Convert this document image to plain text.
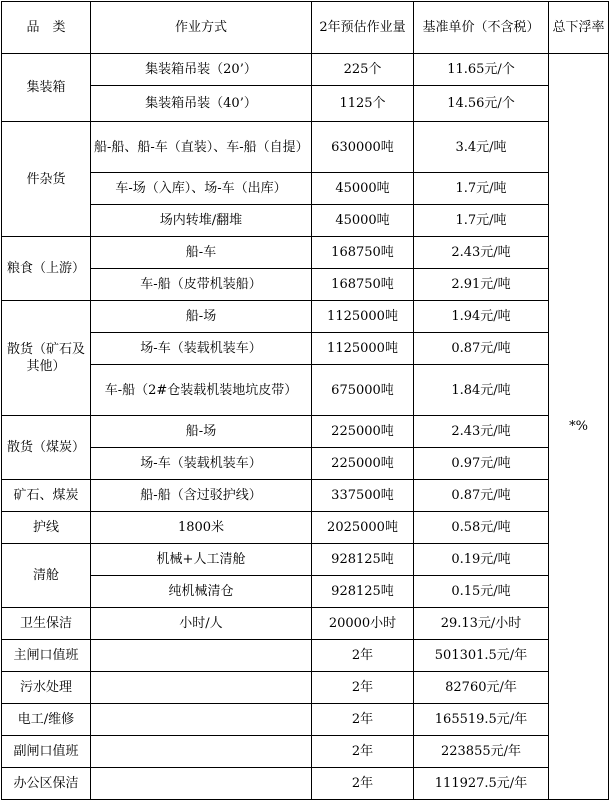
品　类	作业方式	2年预估作业量	基准单价（不含税）	总下浮率
集装箱	集装箱吊装（20’）	225个	11.65元/个	*%
	集装箱吊装（40’）	1125个	14.56元/个	
件杂货	船-船、船-车（直装）、车-船（自提）	630000吨	3.4元/吨	
	车-场（入库）、场-车（出库）	45000吨	1.7元/吨	
	场内转堆/翻堆	45000吨	1.7元/吨	
粮食（上游）	船-车	168750吨	2.43元/吨	
	车-船（皮带机装船）	168750吨	2.91元/吨	
散货（矿石及其他）	船-场	1125000吨	1.94元/吨	
	场-车（装载机装车）	1125000吨	0.87元/吨	
	车-船（2#仓装载机装地坑皮带）	675000吨	1.84元/吨	
散货（煤炭）	船-场	225000吨	2.43元/吨	
	场-车（装载机装车）	225000吨	0.97元/吨	
矿石、煤炭	船-船（含过驳护线）	337500吨	0.87元/吨	
护线	1800米	2025000吨	0.58元/吨	
清舱	机械+人工清舱	928125吨	0.19元/吨	
	纯机械清仓	928125吨	0.15元/吨	
卫生保洁	小时/人	20000小时	29.13元/小时	
主闸口值班		2年	501301.5元/年	
污水处理		2年	82760元/年	
电工/维修		2年	165519.5元/年	
副闸口值班		2年	223855元/年	
办公区保洁		2年	111927.5元/年	
